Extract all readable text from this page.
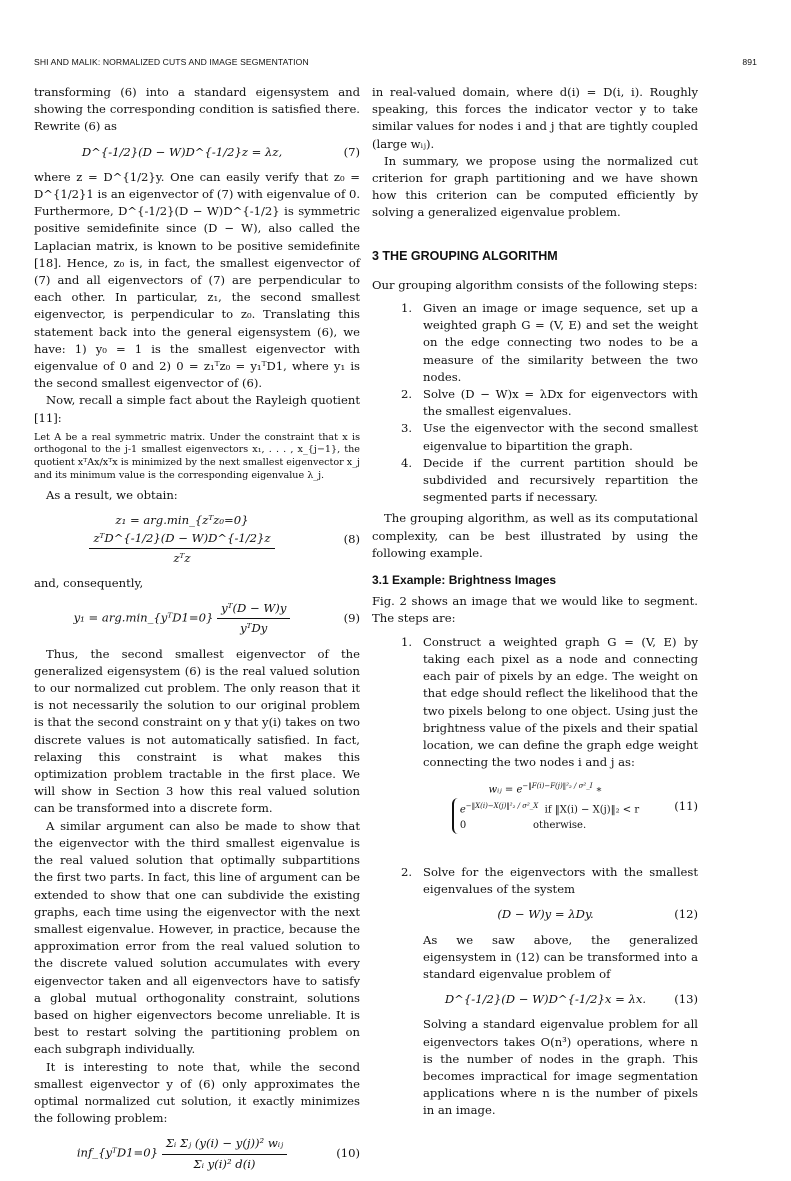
SHI AND MALIK: NORMALIZED CUTS AND IMAGE SEGMENTATION	891

transforming (6) into a standard eigensystem and showing the corresponding condition is satisfied there. Rewrite (6) as

D^{-1/2}(D − W)D^{-1/2}z = λz,	(7)

where z = D^{1/2}y. One can easily verify that z₀ = D^{1/2}1 is an eigenvector of (7) with eigenvalue of 0. Furthermore, D^{-1/2}(D − W)D^{-1/2} is symmetric positive semidefinite since (D − W), also called the Laplacian matrix, is known to be positive semidefinite [18]. Hence, z₀ is, in fact, the smallest eigenvector of (7) and all eigenvectors of (7) are perpendicular to each other. In particular, z₁, the second smallest eigenvector, is perpendicular to z₀. Translating this statement back into the general eigensystem (6), we have: 1) y₀ = 1 is the smallest eigenvector with eigenvalue of 0 and 2) 0 = z₁ᵀz₀ = y₁ᵀD1, where y₁ is the second smallest eigenvector of (6).

Now, recall a simple fact about the Rayleigh quotient [11]:

Let A be a real symmetric matrix. Under the constraint that x is orthogonal to the j-1 smallest eigenvectors x₁, . . . , x_{j−1}, the quotient xᵀAx/xᵀx is minimized by the next smallest eigenvector x_j and its minimum value is the corresponding eigenvalue λ_j.

As a result, we obtain:

z₁ = arg.min_{zᵀz₀=0}
$\frac{\text{zᵀD\textasciicircum{}\{-1/2\}(D − W)D\textasciicircum{}\{-1/2\}z}}{\text{zᵀz}}$	(8)

and, consequently,

y₁ = arg.min_{yᵀD1=0} $\frac{\text{yᵀ(D − W)y}}{\text{yᵀDy}}$	(9)

Thus, the second smallest eigenvector of the generalized eigensystem (6) is the real valued solution to our normalized cut problem. The only reason that it is not necessarily the solution to our original problem is that the second constraint on y that y(i) takes on two discrete values is not automatically satisfied. In fact, relaxing this constraint is what makes this optimization problem tractable in the first place. We will show in Section 3 how this real valued solution can be transformed into a discrete form.

A similar argument can also be made to show that the eigenvector with the third smallest eigenvalue is the real valued solution that optimally subpartitions the first two parts. In fact, this line of argument can be extended to show that one can subdivide the existing graphs, each time using the eigenvector with the next smallest eigenvalue. However, in practice, because the approximation error from the real valued solution to the discrete valued solution accumulates with every eigenvector taken and all eigenvectors have to satisfy a global mutual orthogonality constraint, solutions based on higher eigenvectors become unreliable. It is best to restart solving the partitioning problem on each subgraph individually.

It is interesting to note that, while the second smallest eigenvector y of (6) only approximates the optimal normalized cut solution, it exactly minimizes the following problem:

inf_{yᵀD1=0} $\frac{\text{Σᵢ Σⱼ (y(i) − y(j))² wᵢⱼ}}{\text{Σᵢ y(i)² d(i)}}$	(10)

in real-valued domain, where d(i) = D(i, i). Roughly speaking, this forces the indicator vector y to take similar values for nodes i and j that are tightly coupled (large wᵢⱼ).

In summary, we propose using the normalized cut criterion for graph partitioning and we have shown how this criterion can be computed efficiently by solving a generalized eigenvalue problem.

3 THE GROUPING ALGORITHM

Our grouping algorithm consists of the following steps:

1. Given an image or image sequence, set up a weighted graph G = (V, E) and set the weight on the edge connecting two nodes to be a measure of the similarity between the two nodes.
2. Solve (D − W)x = λDx for eigenvectors with the smallest eigenvalues.
3. Use the eigenvector with the second smallest eigenvalue to bipartition the graph.
4. Decide if the current partition should be subdivided and recursively repartition the segmented parts if necessary.

The grouping algorithm, as well as its computational complexity, can be best illustrated by using the following example.

3.1 Example: Brightness Images

Fig. 2 shows an image that we would like to segment. The steps are:

1. Construct a weighted graph G = (V, E) by taking each pixel as a node and connecting each pair of pixels by an edge. The weight on that edge should reflect the likelihood that the two pixels belong to one object. Using just the brightness value of the pixels and their spatial location, we can define the graph edge weight connecting the two nodes i and j as:
wᵢⱼ = $e^{-‖F(i)-F(j)‖^2_2 / \sigma^2\_I}$ ∗
$e^{-‖X(i)-X(j)‖^2_2 / \sigma^2\_X}$ if ‖X(i) − X(j)‖₂ < r
0	otherwise.
(11)
2. Solve for the eigenvectors with the smallest eigenvalues of the system
(D − W)y = λDy.	(12)

As we saw above, the generalized eigensystem in (12) can be transformed into a standard eigenvalue problem of

D^{-1/2}(D − W)D^{-1/2}x = λx.	(13)

Solving a standard eigenvalue problem for all eigenvectors takes O(n³) operations, where n is the number of nodes in the graph. This becomes impractical for image segmentation applications where n is the number of pixels in an image.
